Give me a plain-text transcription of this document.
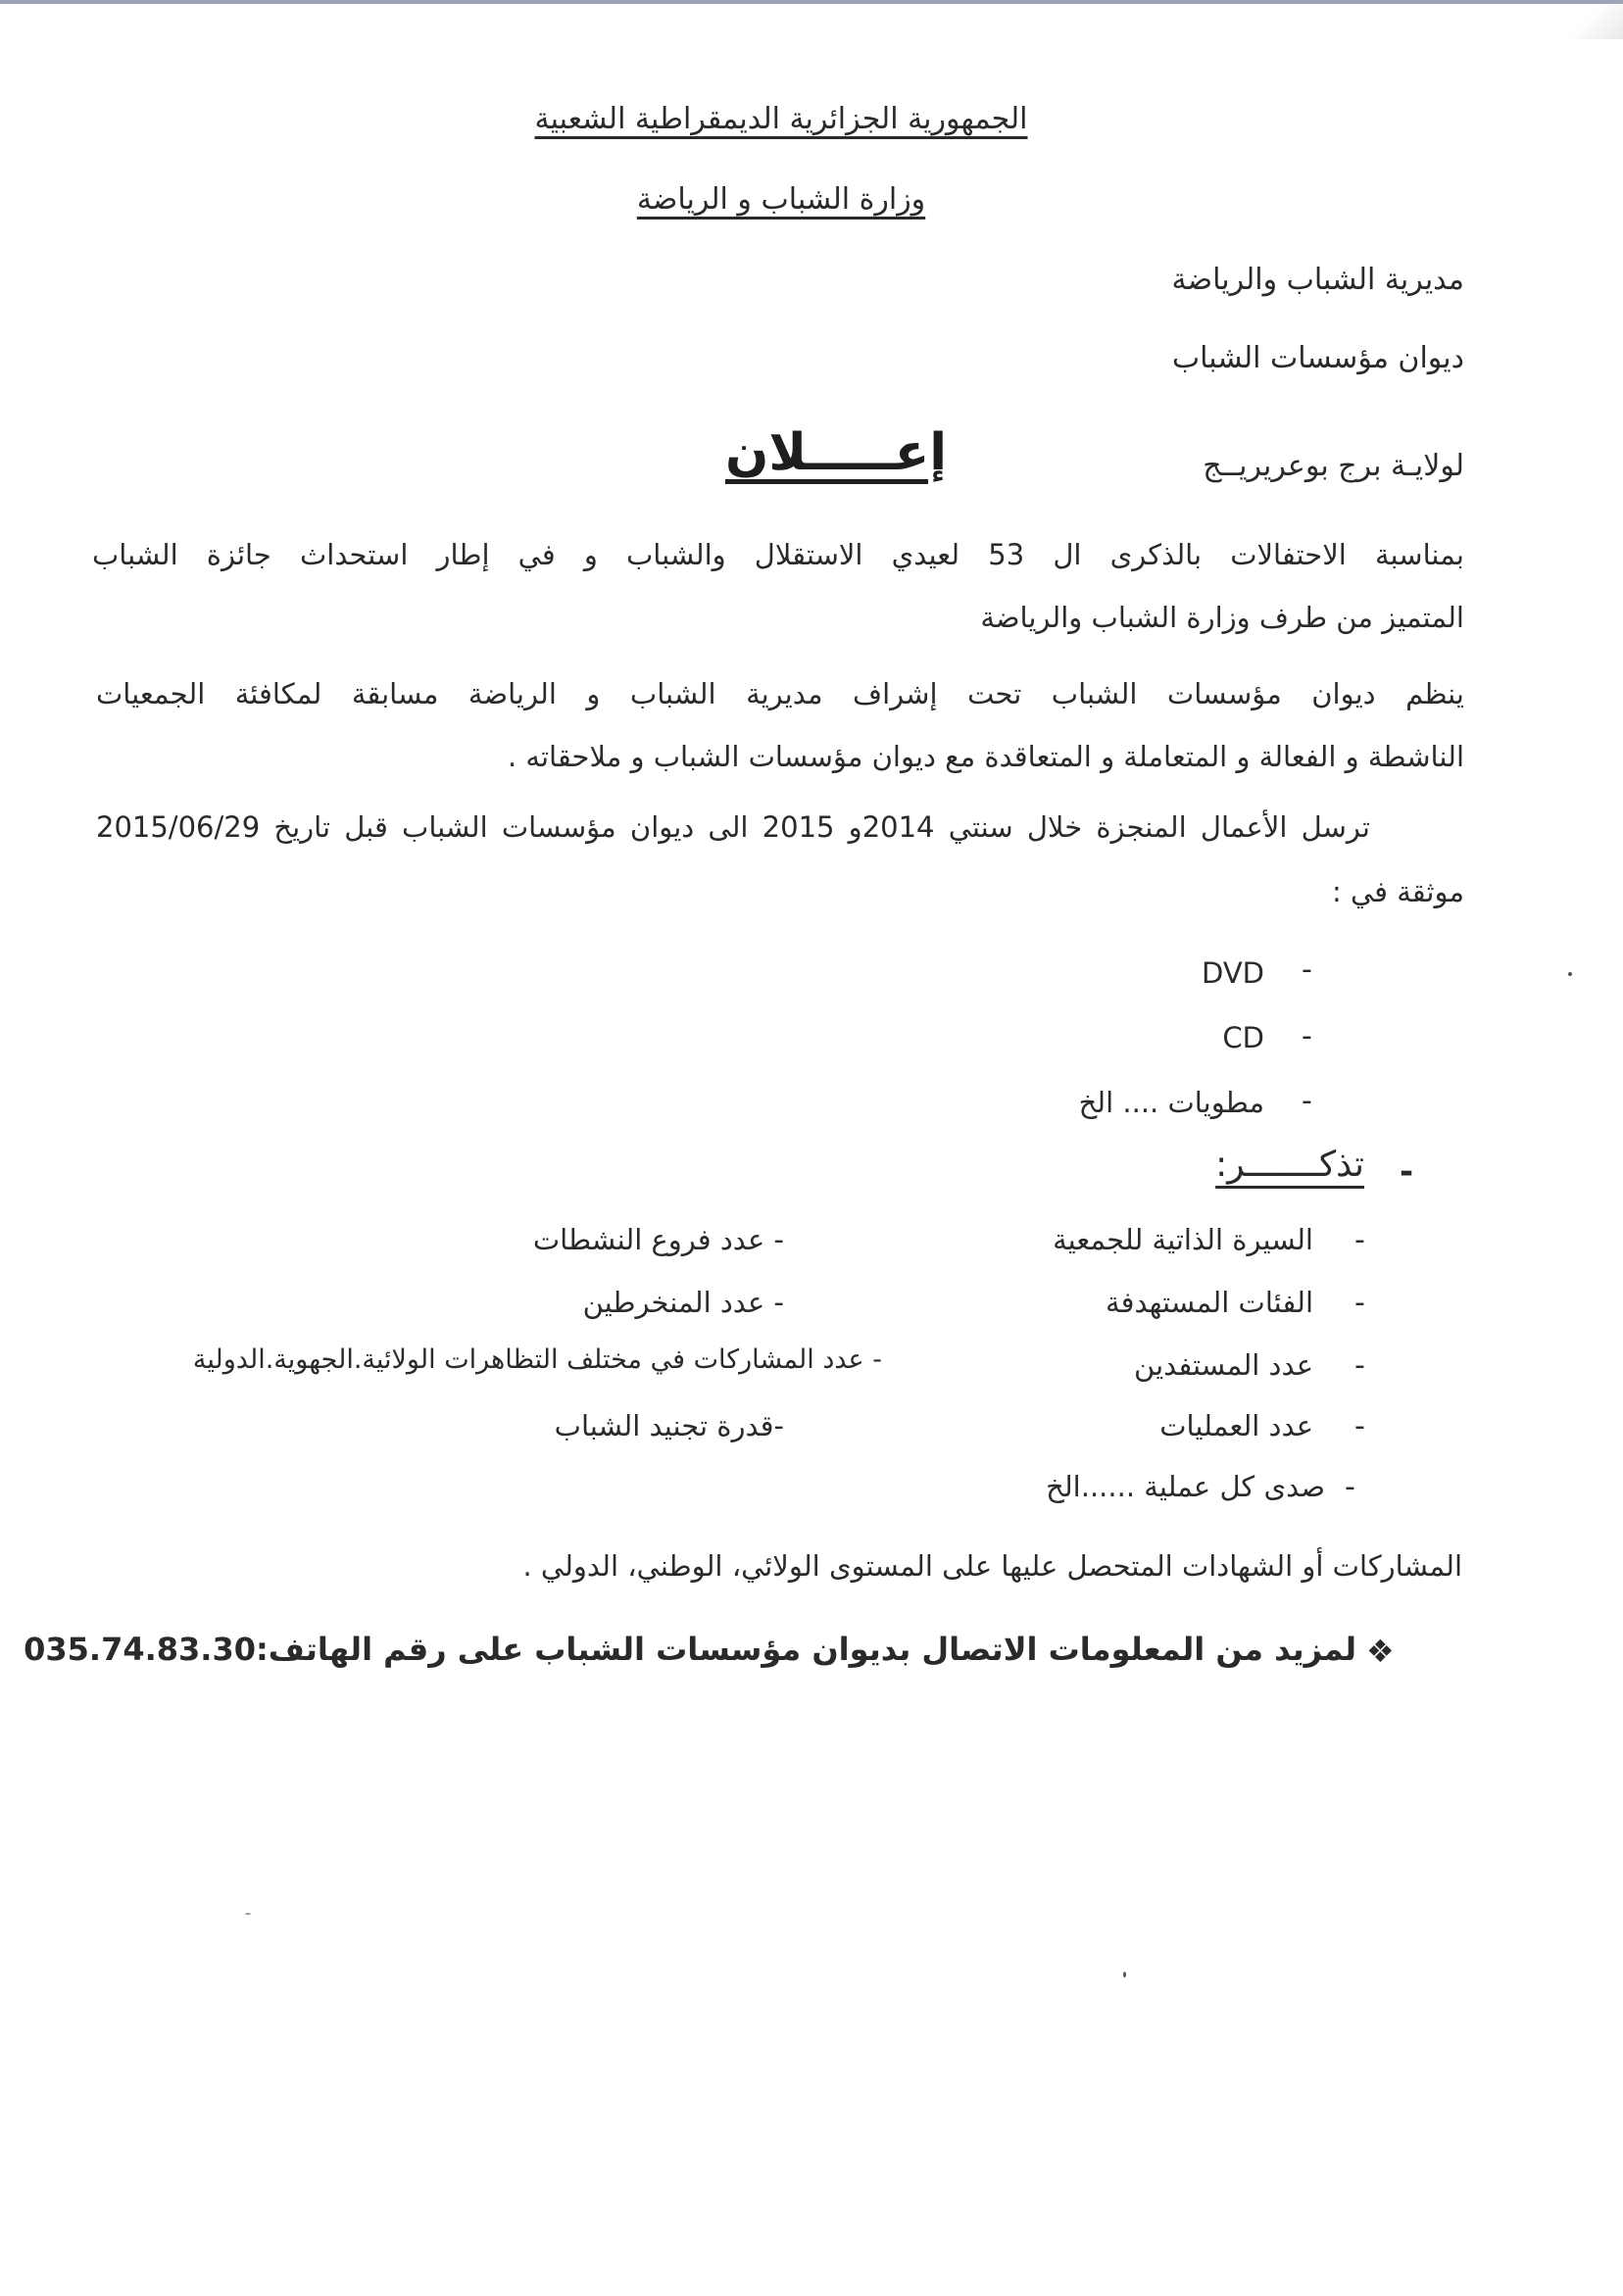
الجمهورية الجزائرية الديمقراطية الشعبية
وزارة الشباب و الرياضة
مديرية الشباب والرياضة
ديوان مؤسسات الشباب
لولايـة برج بوعريريــج
إعـــــلان
بمناسبة الاحتفالات بالذكرى ال 53 لعيدي الاستقلال والشباب و في إطار استحداث جائزة الشباب
المتميز من طرف وزارة الشباب والرياضة
ينظم ديوان مؤسسات الشباب تحت إشراف مديرية الشباب و الرياضة مسابقة لمكافئة الجمعيات
الناشطة و الفعالة و المتعاملة و المتعاقدة مع ديوان مؤسسات الشباب و ملاحقاته .
ترسل الأعمال المنجزة خلال سنتي 2014و 2015 الى ديوان مؤسسات الشباب قبل تاريخ 2015/06/29
موثقة في :
-
DVD
-
CD
-
مطويات .... الخ
-
تذكـــــــر:
-
السيرة الذاتية للجمعية
-
الفئات المستهدفة
-
عدد المستفدين
-
عدد العمليات
-
صدى كل عملية ......الخ
- عدد فروع النشطات
- عدد المنخرطين
- عدد المشاركات في مختلف التظاهرات الولائية.الجهوية.الدولية
-قدرة تجنيد الشباب
المشاركات أو الشهادات المتحصل عليها على المستوى الولائي، الوطني، الدولي .
❖
لمزيد من المعلومات الاتصال بديوان مؤسسات الشباب على رقم الهاتف:035.74.83.30
